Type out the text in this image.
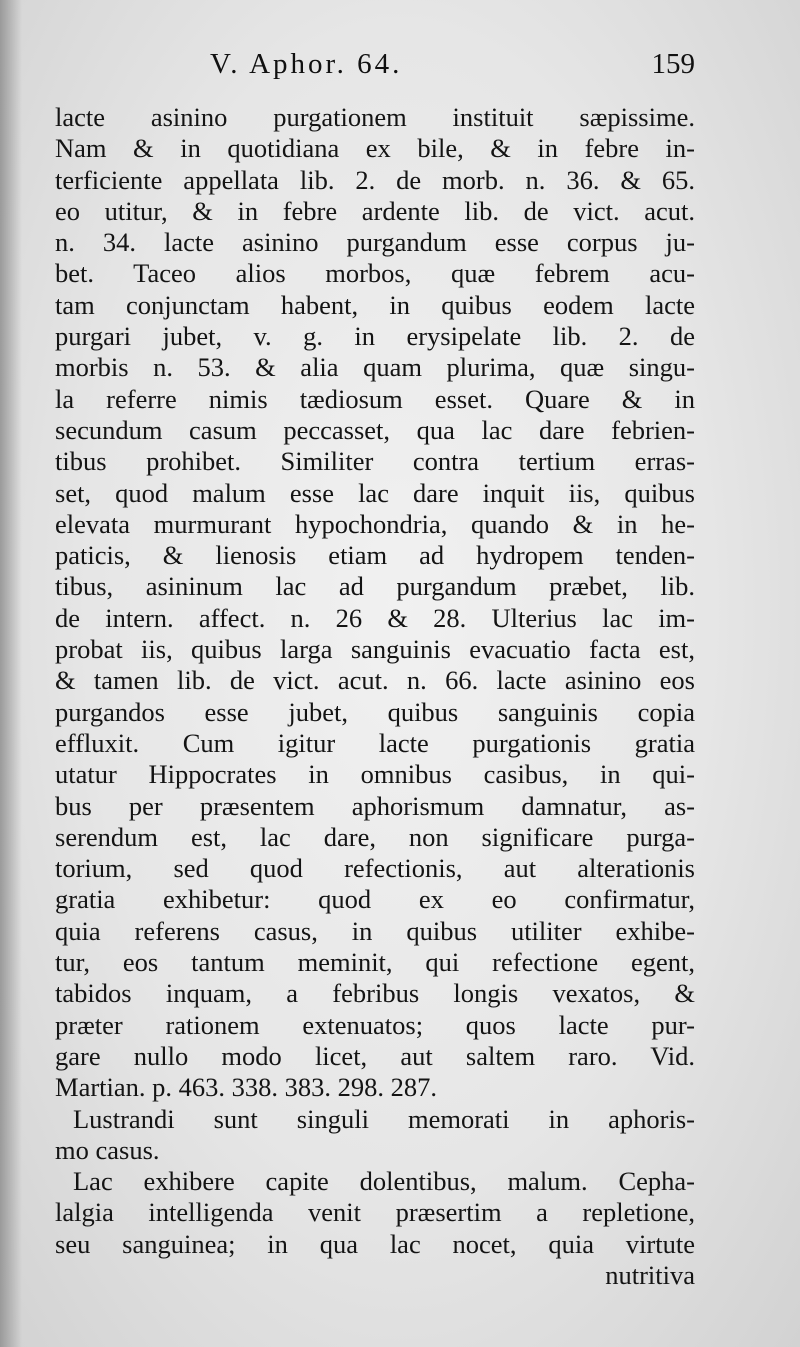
V. Aphor. 64.	159
lacte asinino purgationem instituit sæpissime.
Nam & in quotidiana ex bile, & in febre in-
terficiente appellata lib. 2. de morb. n. 36. & 65.
eo utitur, & in febre ardente lib. de vict. acut.
n. 34. lacte asinino purgandum esse corpus ju-
bet. Taceo alios morbos, quæ febrem acu-
tam conjunctam habent, in quibus eodem lacte
purgari jubet, v. g. in erysipelate lib. 2. de
morbis n. 53. & alia quam plurima, quæ singu-
la referre nimis tædiosum esset. Quare & in
secundum casum peccasset, qua lac dare febrien-
tibus prohibet. Similiter contra tertium erras-
set, quod malum esse lac dare inquit iis, quibus
elevata murmurant hypochondria, quando & in he-
paticis, & lienosis etiam ad hydropem tenden-
tibus, asininum lac ad purgandum præbet, lib.
de intern. affect. n. 26 & 28. Ulterius lac im-
probat iis, quibus larga sanguinis evacuatio facta est,
& tamen lib. de vict. acut. n. 66. lacte asinino eos
purgandos esse jubet, quibus sanguinis copia
effluxit. Cum igitur lacte purgationis gratia
utatur Hippocrates in omnibus casibus, in qui-
bus per præsentem aphorismum damnatur, as-
serendum est, lac dare, non significare purga-
torium, sed quod refectionis, aut alterationis
gratia exhibetur: quod ex eo confirmatur,
quia referens casus, in quibus utiliter exhibe-
tur, eos tantum meminit, qui refectione egent,
tabidos inquam, a febribus longis vexatos, &
præter rationem extenuatos; quos lacte pur-
gare nullo modo licet, aut saltem raro. Vid.
Martian. p. 463. 338. 383. 298. 287.
Lustrandi sunt singuli memorati in aphoris-
mo casus.
Lac exhibere capite dolentibus, malum. Cepha-
lalgia intelligenda venit præsertim a repletione,
seu sanguinea; in qua lac nocet, quia virtute
nutritiva
